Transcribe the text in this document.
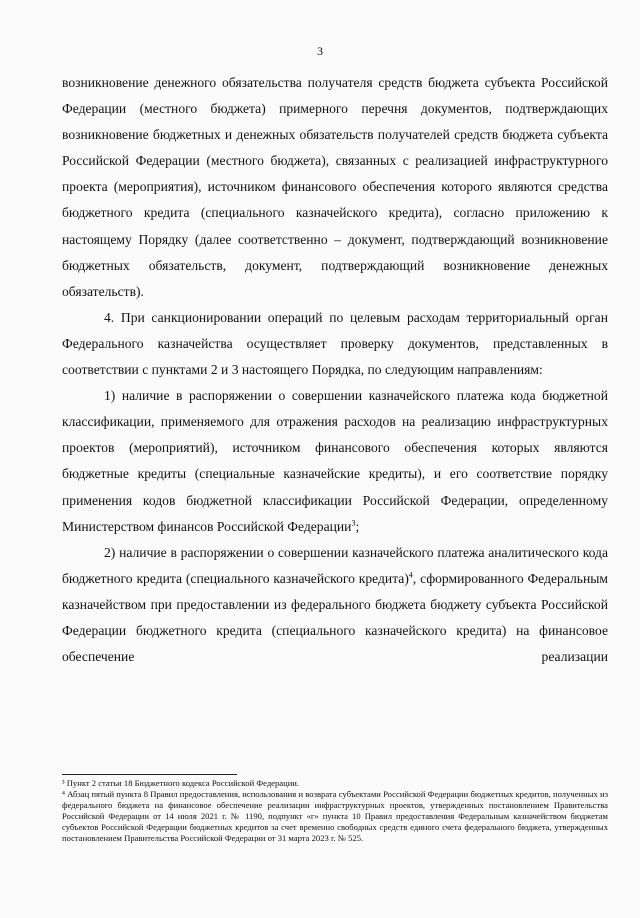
3

возникновение денежного обязательства получателя средств бюджета субъекта Российской Федерации (местного бюджета) примерного перечня документов, подтверждающих возникновение бюджетных и денежных обязательств получателей средств бюджета субъекта Российской Федерации (местного бюджета), связанных с реализацией инфраструктурного проекта (мероприятия), источником финансового обеспечения которого являются средства бюджетного кредита (специального казначейского кредита), согласно приложению к настоящему Порядку (далее соответственно – документ, подтверждающий возникновение бюджетных обязательств, документ, подтверждающий возникновение денежных обязательств).

4. При санкционировании операций по целевым расходам территориальный орган Федерального казначейства осуществляет проверку документов, представленных в соответствии с пунктами 2 и 3 настоящего Порядка, по следующим направлениям:

1) наличие в распоряжении о совершении казначейского платежа кода бюджетной классификации, применяемого для отражения расходов на реализацию инфраструктурных проектов (мероприятий), источником финансового обеспечения которых являются бюджетные кредиты (специальные казначейские кредиты), и его соответствие порядку применения кодов бюджетной классификации Российской Федерации, определенному Министерством финансов Российской Федерации$^3$;

2) наличие в распоряжении о совершении казначейского платежа аналитического кода бюджетного кредита (специального казначейского кредита)$^4$, сформированного Федеральным казначейством при предоставлении из федерального бюджета бюджету субъекта Российской Федерации бюджетного кредита (специального казначейского кредита) на финансовое обеспечение реализации

³ Пункт 2 статьи 18 Бюджетного кодекса Российской Федерации.

⁴ Абзац пятый пункта 8 Правил предоставления, использования и возврата субъектами Российской Федерации бюджетных кредитов, полученных из федерального бюджета на финансовое обеспечение реализации инфраструктурных проектов, утвержденных постановлением Правительства Российской Федерации от 14 июля 2021 г. № 1190, подпункт «г» пункта 10 Правил предоставления Федеральным казначейством бюджетам субъектов Российской Федерации бюджетных кредитов за счет временно свободных средств единого счета федерального бюджета, утвержденных постановлением Правительства Российской Федерации от 31 марта 2023 г. № 525.
